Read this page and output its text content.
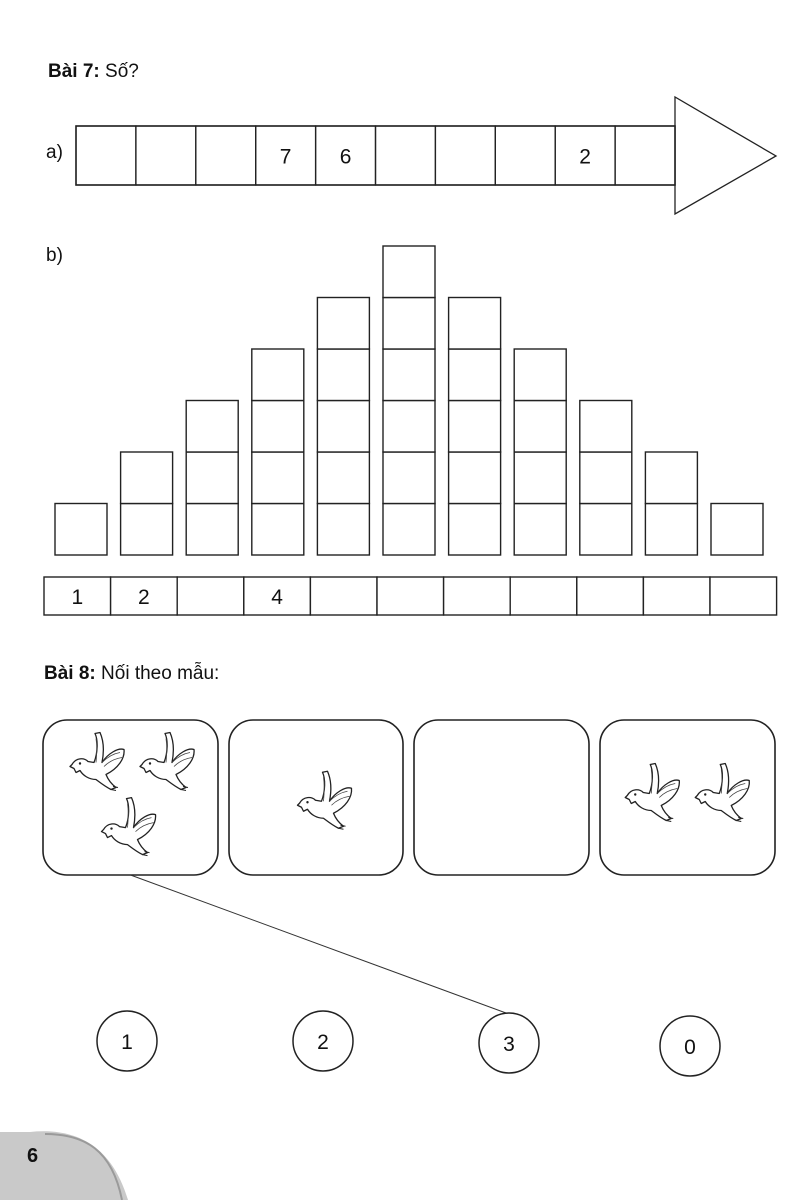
Bài 7: Số?
a)
b)
Bài 8: Nối theo mẫu:
7 6	2
1	2	4
1	2	3	0
6
